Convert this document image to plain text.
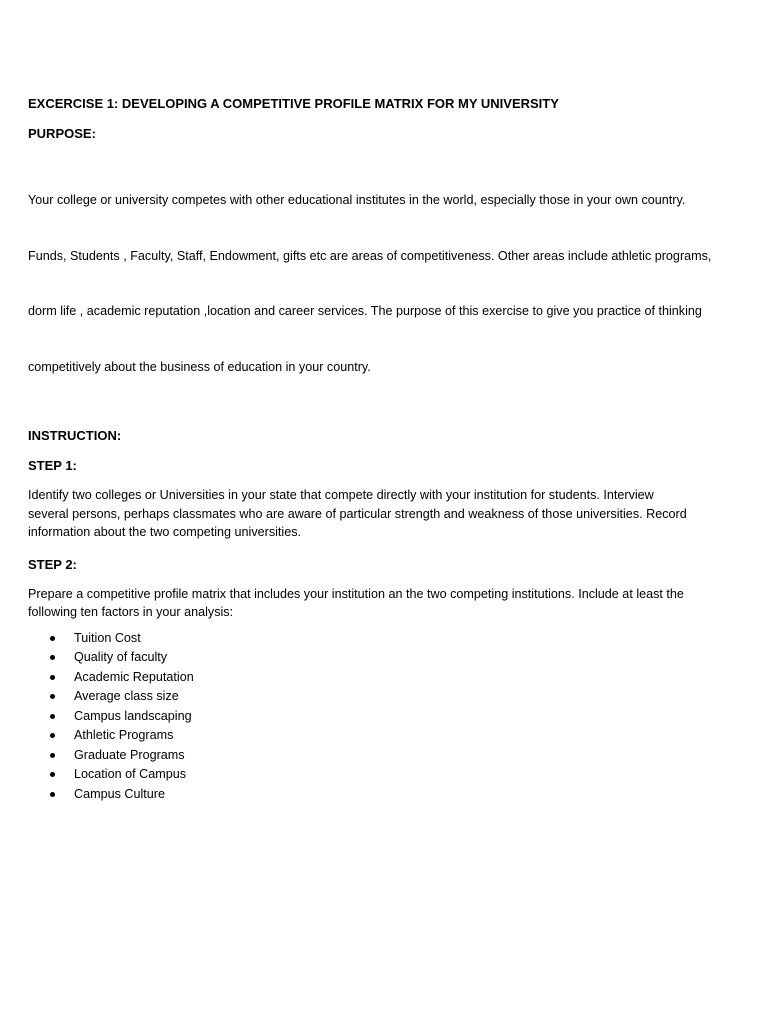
EXCERCISE 1: DEVELOPING A COMPETITIVE PROFILE MATRIX FOR MY UNIVERSITY
PURPOSE:

Your college or university competes with other educational institutes in the world, especially those in your own country.

Funds, Students , Faculty, Staff, Endowment, gifts etc are areas of competitiveness. Other areas include athletic programs,

dorm life , academic reputation ,location and career services. The purpose of this exercise to give you practice of thinking

competitively about the business of education in your country.

INSTRUCTION:
STEP 1:
Identify two colleges or Universities in your state that compete directly with your institution for students. Interview
several persons, perhaps classmates who are aware of particular strength and weakness of those universities. Record
information about the two competing universities.
STEP 2:
Prepare a competitive profile matrix that includes your institution an the two competing institutions. Include at least the
following ten factors in your analysis:
Tuition Cost
Quality of faculty
Academic Reputation
Average class size
Campus landscaping
Athletic Programs
Graduate Programs
Location of Campus
Campus Culture
